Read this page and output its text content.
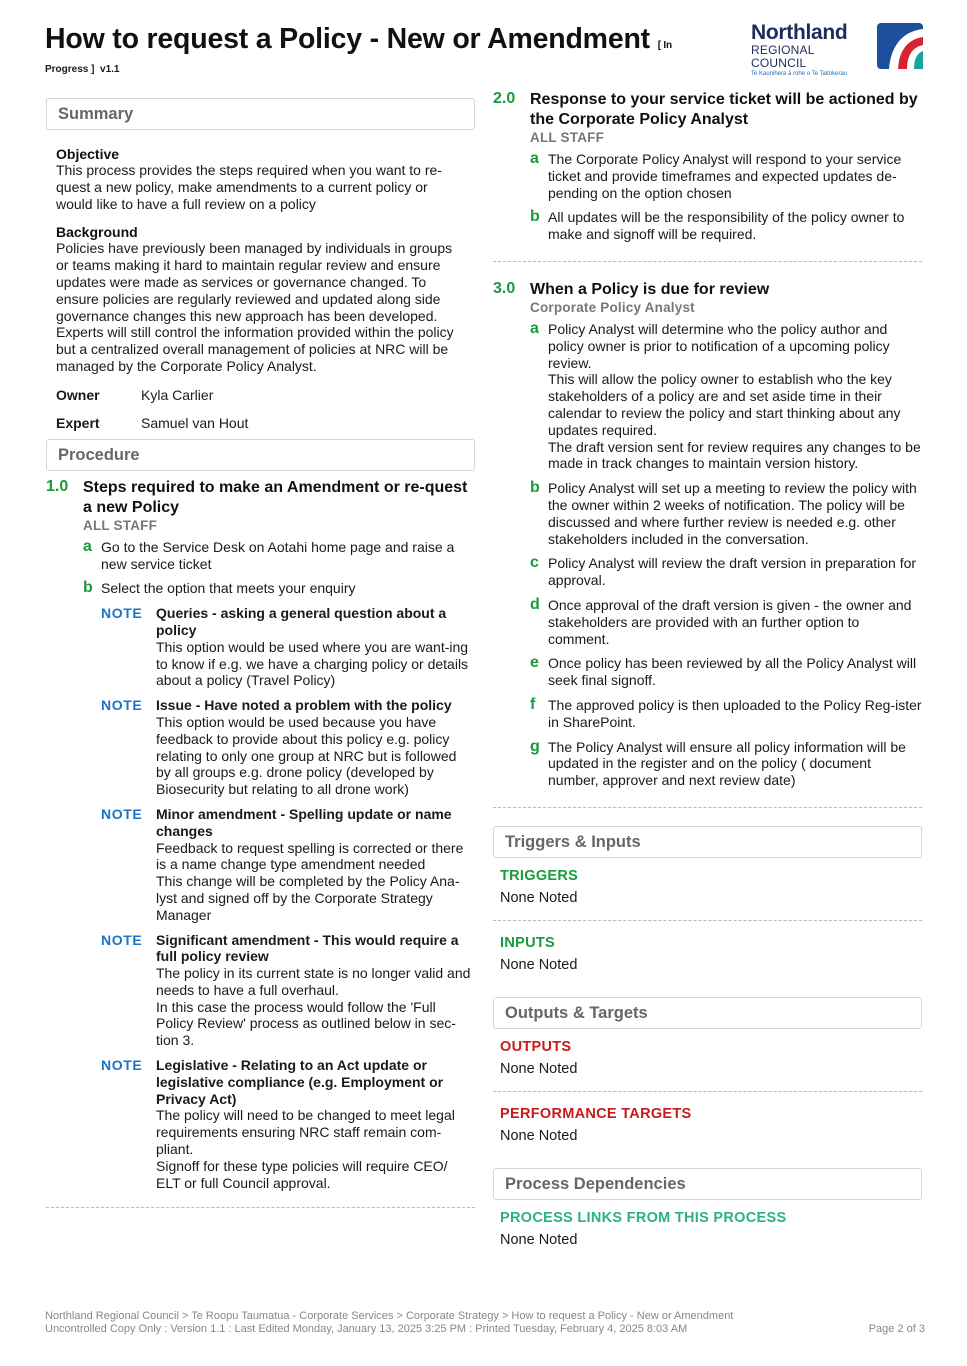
How to request a Policy - New or Amendment [ In
Progress ] v1.1
Northland
REGIONAL COUNCIL
Te Kaunihera ā rohe o Te Taitokerau
Summary
Objective
This process provides the steps required when you want to re-quest a new policy, make amendments to a current policy or would like to have a full review on a policy
Background
Policies have previously been managed by individuals in groups or teams making it hard to maintain regular review and ensure updates were made as services or governance changed. To ensure policies are regularly reviewed and updated along side governance changes this new approach has been developed. Experts will still control the information provided within the policy but a centralized overall management of policies at NRC will be managed by the Corporate Policy Analyst.
Owner	Kyla Carlier
Expert	Samuel van Hout
Procedure
1.0 Steps required to make an Amendment or re-quest a new Policy
ALL STAFF
a Go to the Service Desk on Aotahi home page and raise a new service ticket
b Select the option that meets your enquiry
NOTE Queries - asking a general question about a policy
This option would be used where you are want-ing to know if e.g. we have a charging policy or details about a policy (Travel Policy)
NOTE Issue - Have noted a problem with the policy
This option would be used because you have feedback to provide about this policy e.g. policy relating to only one group at NRC but is followed by all groups e.g. drone policy (developed by Biosecurity but relating to all drone work)
NOTE Minor amendment - Spelling update or name changes
Feedback to request spelling is corrected or there is a name change type amendment needed
This change will be completed by the Policy Ana-lyst and signed off by the Corporate Strategy Manager
NOTE Significant amendment - This would require a full policy review
The policy in its current state is no longer valid and needs to have a full overhaul.
In this case the process would follow the 'Full Policy Review' process as outlined below in sec-tion 3.
NOTE Legislative - Relating to an Act update or legislative compliance (e.g. Employment or Privacy Act)
The policy will need to be changed to meet legal requirements ensuring NRC staff remain com-pliant.
Signoff for these type policies will require CEO/ ELT or full Council approval.
2.0 Response to your service ticket will be actioned by the Corporate Policy Analyst
ALL STAFF
a The Corporate Policy Analyst will respond to your service ticket and provide timeframes and expected updates de-pending on the option chosen
b All updates will be the responsibility of the policy owner to make and signoff will be required.
3.0 When a Policy is due for review
Corporate Policy Analyst
a Policy Analyst will determine who the policy author and policy owner is prior to notification of a upcoming policy review.
This will allow the policy owner to establish who the key stakeholders of a policy are and set aside time in their calendar to review the policy and start thinking about any updates required.
The draft version sent for review requires any changes to be made in track changes to maintain version history.
b Policy Analyst will set up a meeting to review the policy with the owner within 2 weeks of notification. The policy will be discussed and where further review is needed e.g. other stakeholders included in the conversation.
c Policy Analyst will review the draft version in preparation for approval.
d Once approval of the draft version is given - the owner and stakeholders are provided with an further option to comment.
e Once policy has been reviewed by all the Policy Analyst will seek final signoff.
f The approved policy is then uploaded to the Policy Reg-ister in SharePoint.
g The Policy Analyst will ensure all policy information will be updated in the register and on the policy ( document number, approver and next review date)
Triggers & Inputs
TRIGGERS
None Noted
INPUTS
None Noted
Outputs & Targets
OUTPUTS
None Noted
PERFORMANCE TARGETS
None Noted
Process Dependencies
PROCESS LINKS FROM THIS PROCESS
None Noted
Northland Regional Council > Te Roopu Taumatua - Corporate Services > Corporate Strategy > How to request a Policy - New or Amendment
Uncontrolled Copy Only : Version 1.1 : Last Edited Monday, January 13, 2025 3:25 PM : Printed Tuesday, February 4, 2025 8:03 AM	Page 2 of 3
